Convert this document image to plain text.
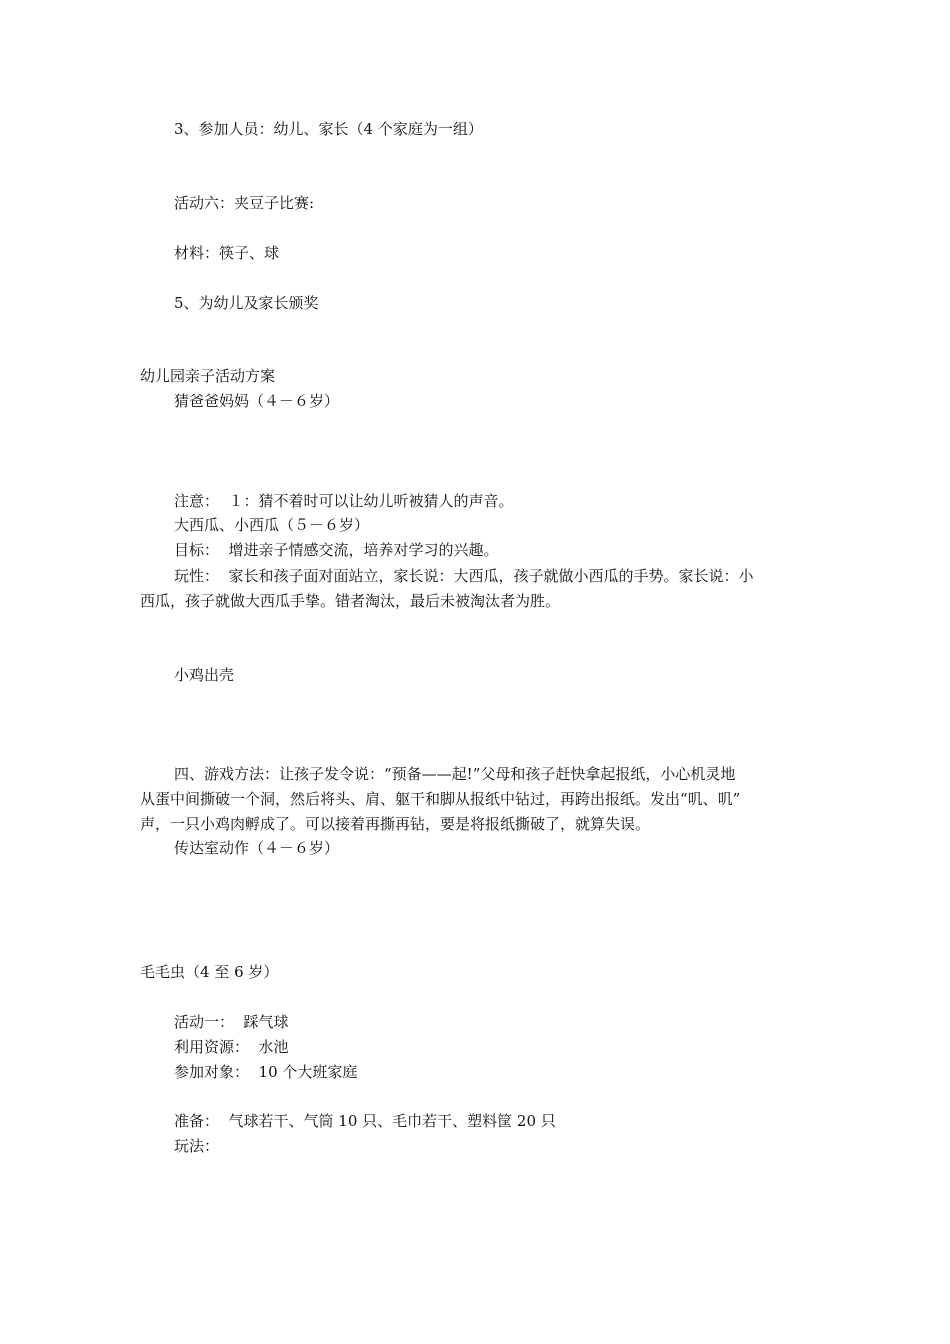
3、参加人员：幼儿、家长（4 个家庭为一组）

活动六：夹豆子比赛:

材料：筷子、球

5、为幼儿及家长颁奖

幼儿园亲子活动方案

猜爸爸妈妈（４－６岁）

注意：  １：猜不着时可以让幼儿听被猜人的声音。

大西瓜、小西瓜（５－６岁）

目标：  增进亲子情感交流，培养对学习的兴趣。

玩性：  家长和孩子面对面站立，家长说：大西瓜，孩子就做小西瓜的手势。家长说：小

西瓜，孩子就做大西瓜手挚。错者淘汰，最后未被淘汰者为胜。

小鸡出壳

四、游戏方法：让孩子发令说：“预备——起!”父母和孩子赶快拿起报纸，小心机灵地

从蛋中间撕破一个洞，然后将头、肩、躯干和脚从报纸中钻过，再跨出报纸。发出“叽、叽”

声，一只小鸡肉孵成了。可以接着再撕再钻，要是将报纸撕破了，就算失误。

传达室动作（４－６岁）

毛毛虫（4 至 6 岁）

活动一：  踩气球

利用资源：  水池

参加对象：  10 个大班家庭

准备：  气球若干、气筒 10 只、毛巾若干、塑料筐 20 只

玩法：
